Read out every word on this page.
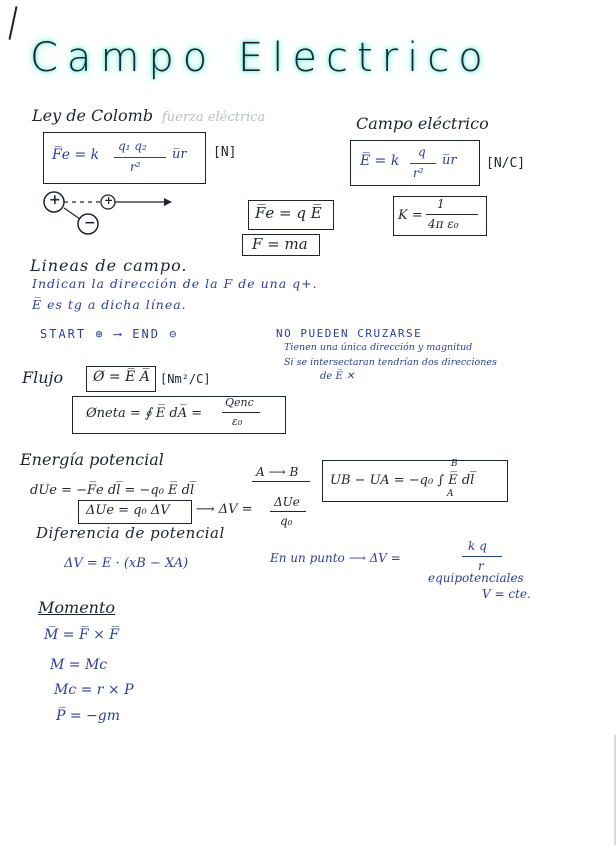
Campo Electrico
Ley de Colomb fuerza eléctrica
F̅e = k
q₁ q₂
r²
u̅r [N]
+	+
−
F̅e = q E̅
F = ma
Campo eléctrico
E̅ = k
q
r²
u̅r [N/C]
K =
1
4π ε₀
Lineas de campo.
Indican la dirección de la F de una q+.
E̅ es tg a dicha línea.
START ⊕ ⟶ END ⊖	NO PUEDEN CRUZARSE
Tienen una única dirección y magnitud
Si se intersectaran tendrían dos direcciones
de E̅ ✕
Flujo Ø = E̅ A̅ [Nm²/C]
Øneta = ∮ E̅ dA̅ =
Qenc
ε₀
Energía potencial
dUe = −F̅e dl̅ = −q₀ E̅ dl̅
A ⟶ B
UB − UA = −q₀ ∫ E̅ dl̅
B
A
ΔUe = q₀ ΔV ⟶ ΔV = ΔUe
q₀
Diferencia de potencial
ΔV = E · (xB − XA)	En un punto ⟶ ΔV =
k q
r
equipotenciales
V = cte.
Momento
M̅ = F̅ × F̅
M = Mc
Mc = r × P
P̅ = −gm
